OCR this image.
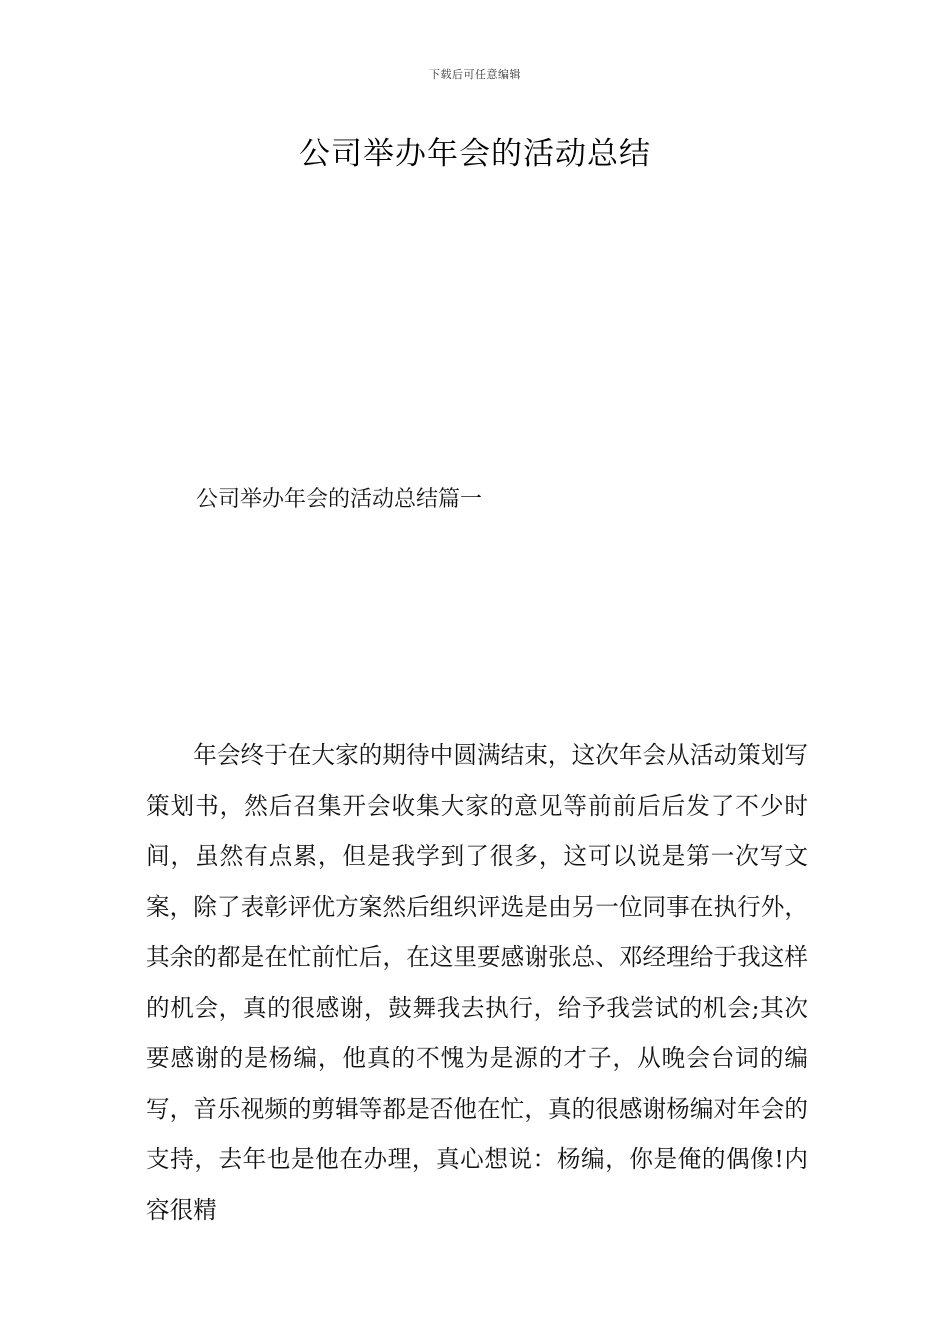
下载后可任意编辑
公司举办年会的活动总结
公司举办年会的活动总结篇一

年会终于在大家的期待中圆满结束，这次年会从活动策划写策划书，然后召集开会收集大家的意见等前前后后发了不少时间，虽然有点累，但是我学到了很多，这可以说是第一次写文案，除了表彰评优方案然后组织评选是由另一位同事在执行外，其余的都是在忙前忙后，在这里要感谢张总、邓经理给于我这样的机会，真的很感谢，鼓舞我去执行，给予我尝试的机会;其次要感谢的是杨编，他真的不愧为是源的才子，从晚会台词的编写，音乐视频的剪辑等都是否他在忙，真的很感谢杨编对年会的支持，去年也是他在办理，真心想说：杨编，你是俺的偶像!内容很精
